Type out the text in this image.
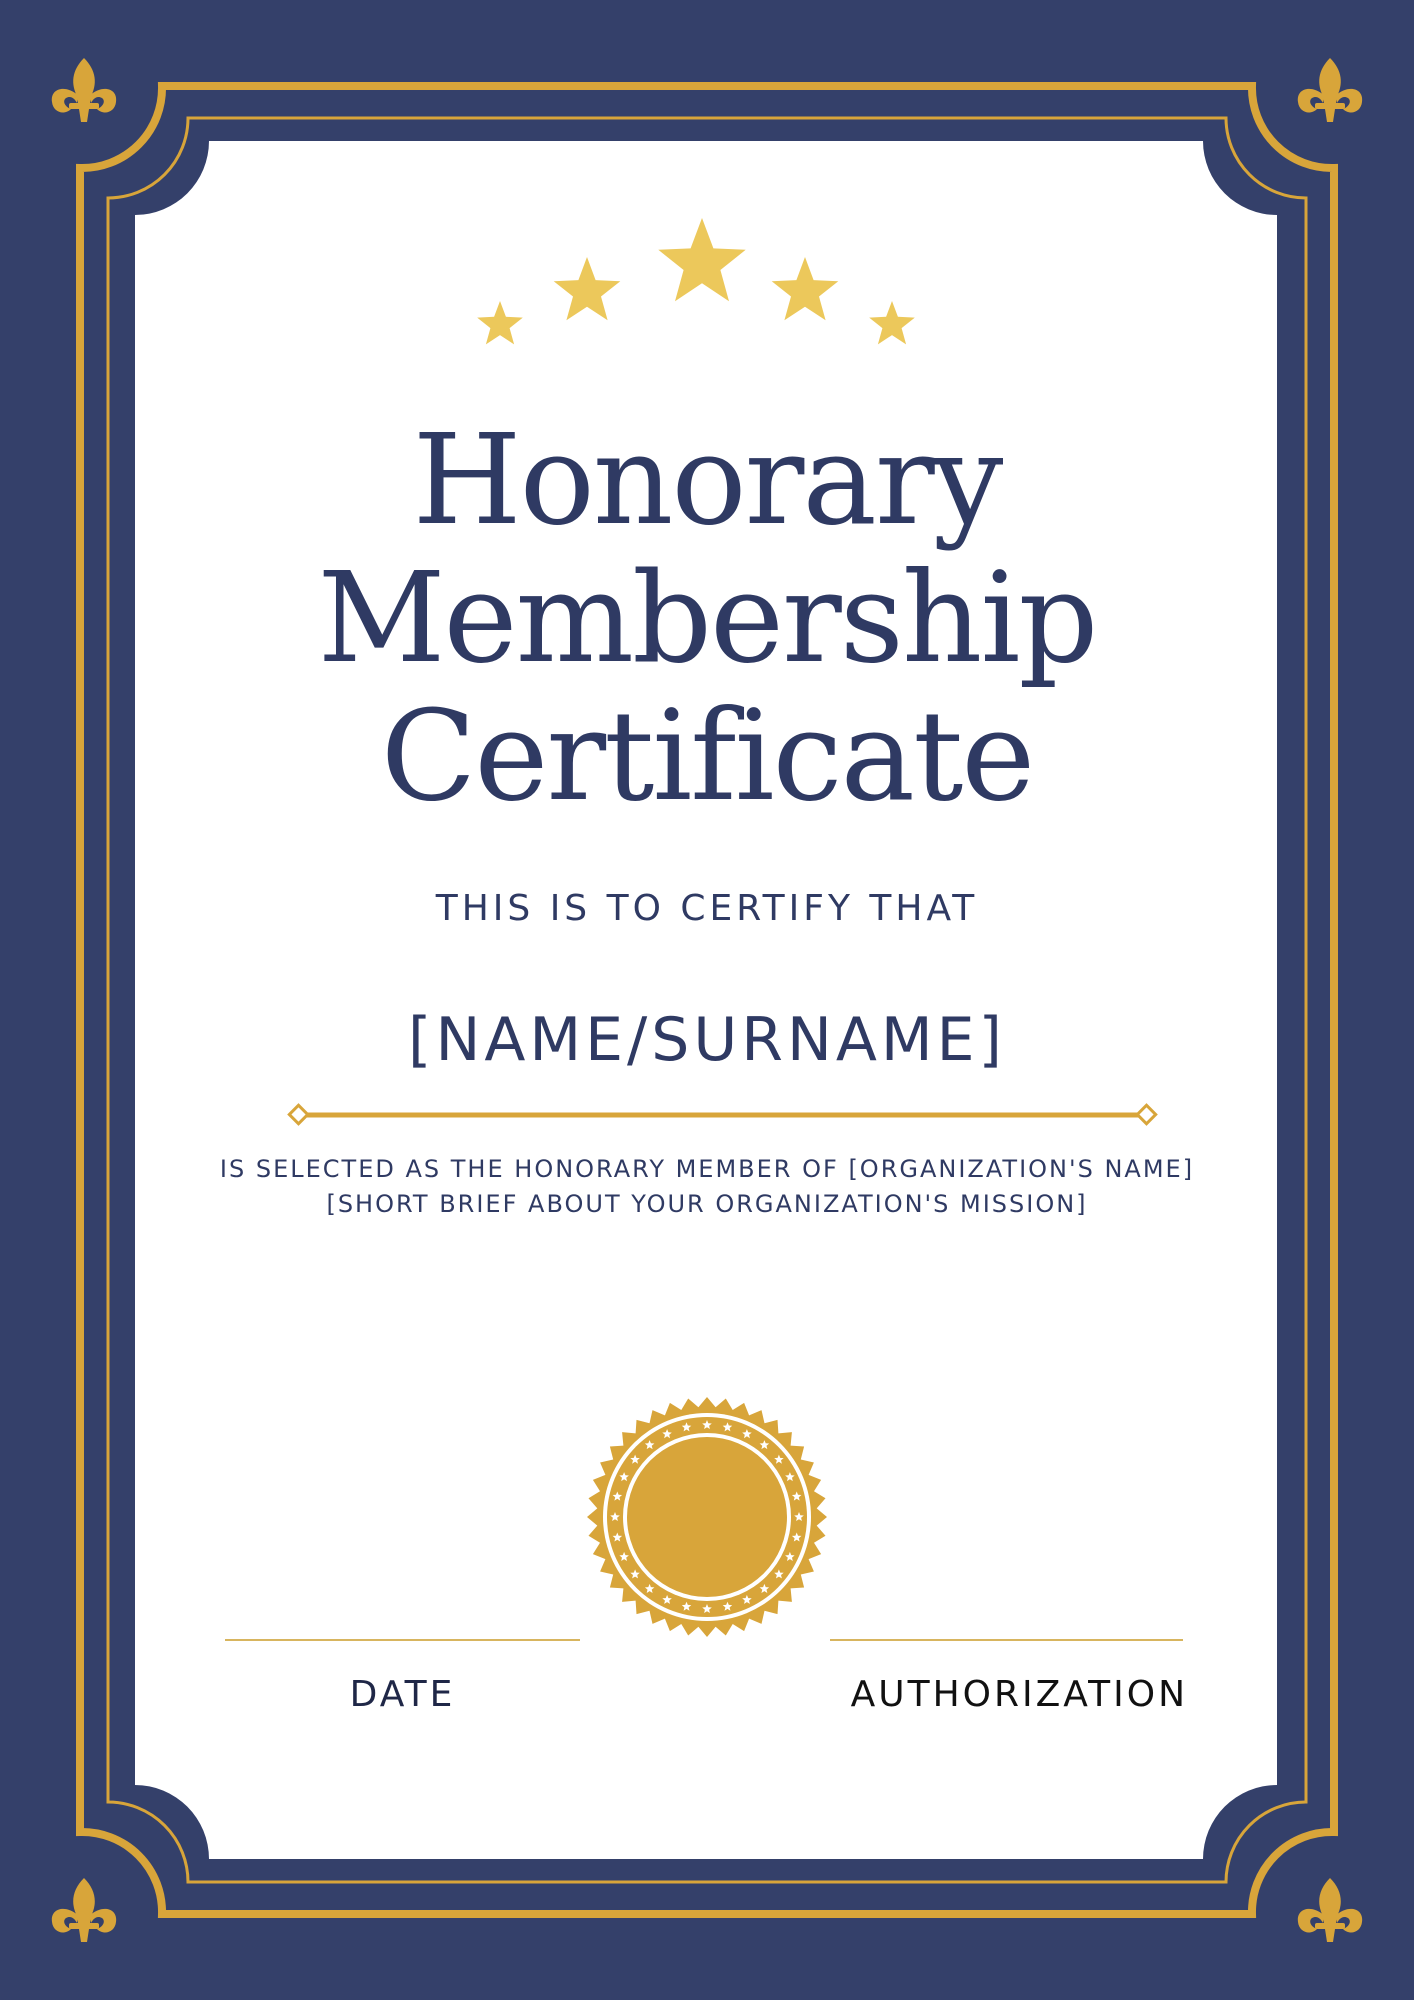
Honorary
Membership
Certificate
THIS IS TO CERTIFY THAT
[NAME/SURNAME]
IS SELECTED AS THE HONORARY MEMBER OF [ORGANIZATION'S NAME]
[SHORT BRIEF ABOUT YOUR ORGANIZATION'S MISSION]
DATE	AUTHORIZATION
